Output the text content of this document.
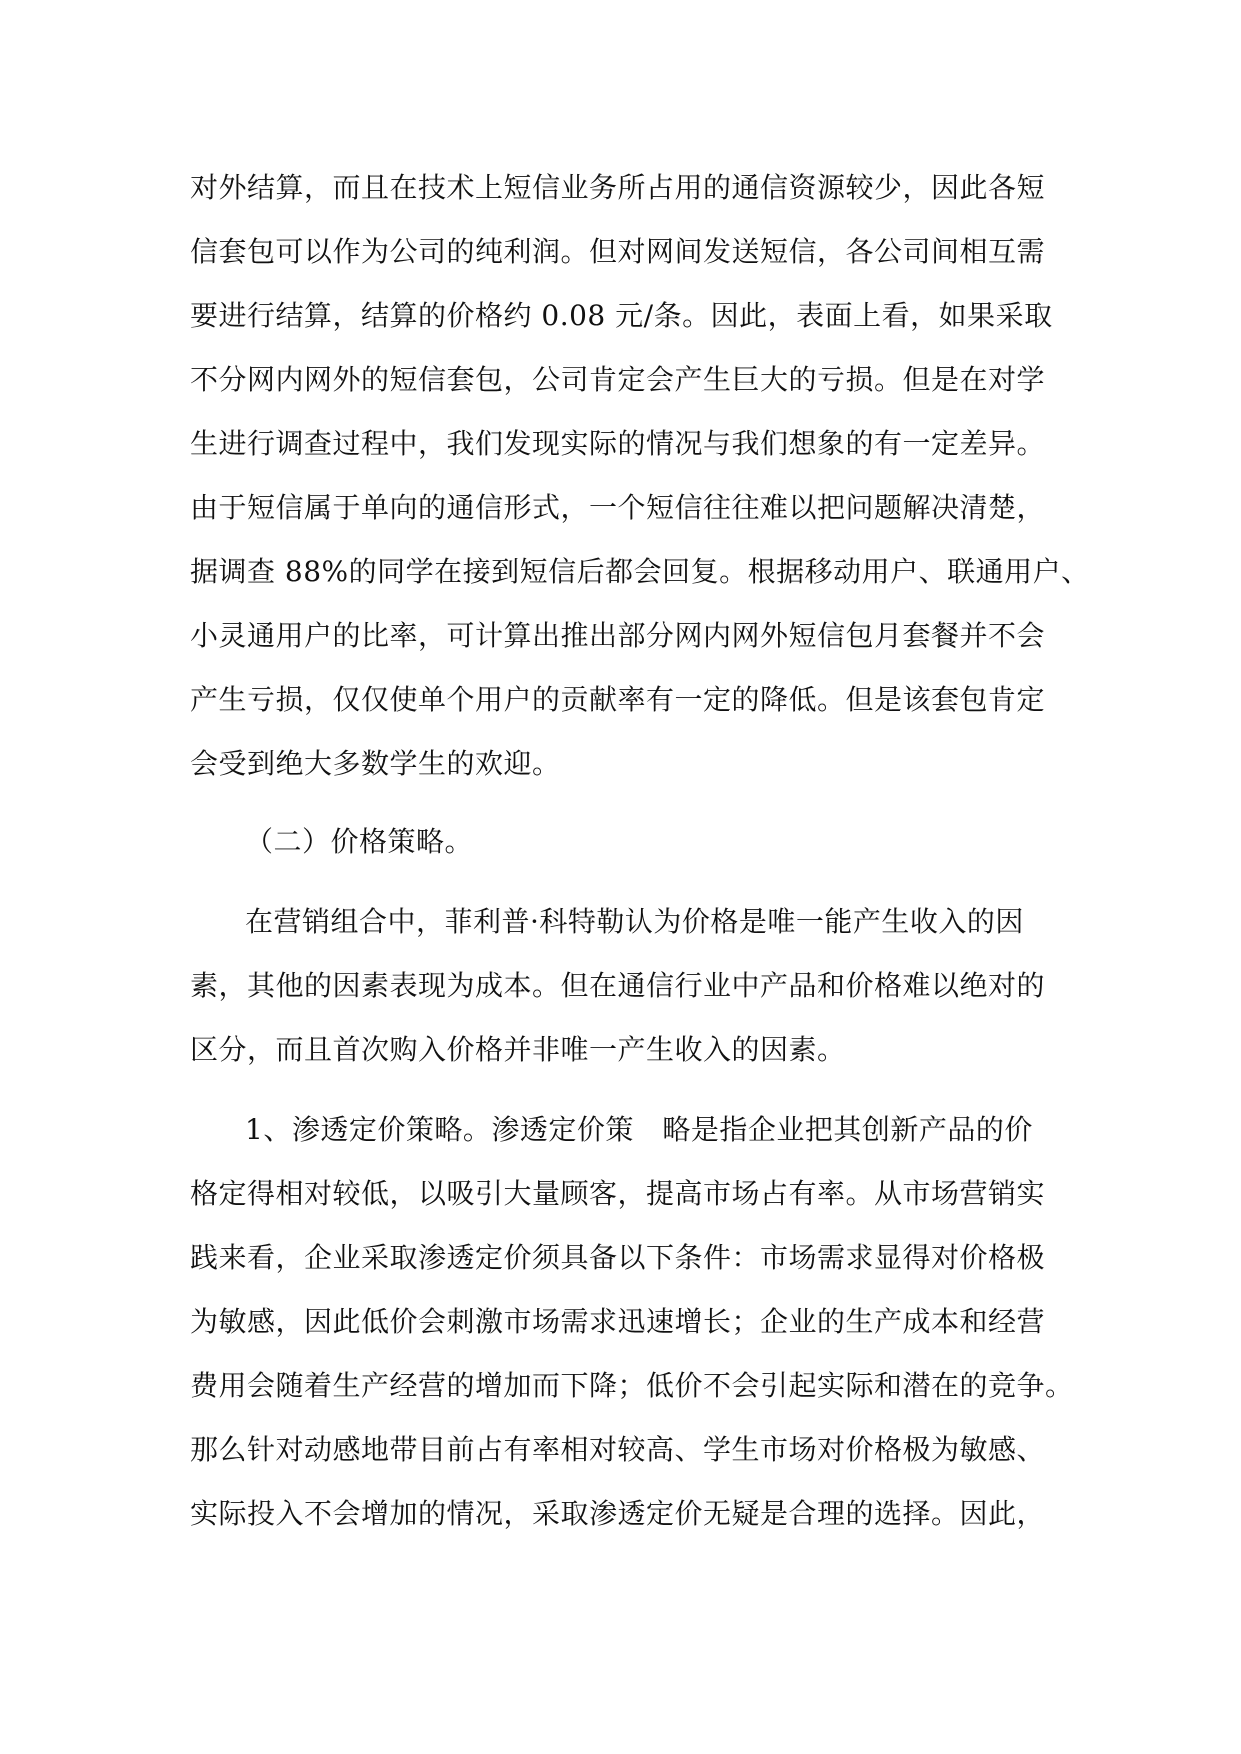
对外结算，而且在技术上短信业务所占用的通信资源较少，因此各短
信套包可以作为公司的纯利润。但对网间发送短信，各公司间相互需
要进行结算，结算的价格约 0.08 元/条。因此，表面上看，如果采取
不分网内网外的短信套包，公司肯定会产生巨大的亏损。但是在对学
生进行调查过程中，我们发现实际的情况与我们想象的有一定差异。
由于短信属于单向的通信形式，一个短信往往难以把问题解决清楚，
据调查 88%的同学在接到短信后都会回复。根据移动用户、联通用户、
小灵通用户的比率，可计算出推出部分网内网外短信包月套餐并不会
产生亏损，仅仅使单个用户的贡献率有一定的降低。但是该套包肯定
会受到绝大多数学生的欢迎。
（二）价格策略。
在营销组合中，菲利普·科特勒认为价格是唯一能产生收入的因
素，其他的因素表现为成本。但在通信行业中产品和价格难以绝对的
区分，而且首次购入价格并非唯一产生收入的因素。
1、渗透定价策略。渗透定价策　略是指企业把其创新产品的价
格定得相对较低，以吸引大量顾客，提高市场占有率。从市场营销实
践来看，企业采取渗透定价须具备以下条件：市场需求显得对价格极
为敏感，因此低价会刺激市场需求迅速增长；企业的生产成本和经营
费用会随着生产经营的增加而下降；低价不会引起实际和潜在的竞争。
那么针对动感地带目前占有率相对较高、学生市场对价格极为敏感、
实际投入不会增加的情况，采取渗透定价无疑是合理的选择。因此，
